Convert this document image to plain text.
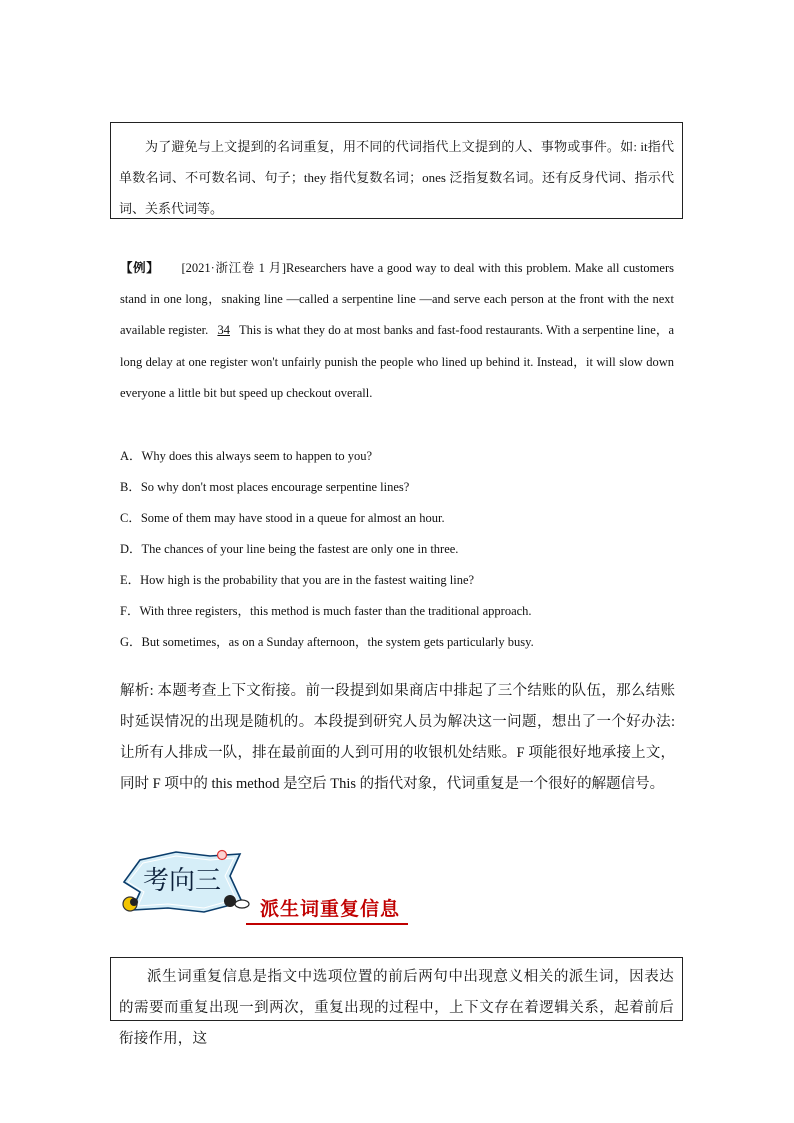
为了避免与上文提到的名词重复，用不同的代词指代上文提到的人、事物或事件。如: it指代单数名词、不可数名词、句子；they 指代复数名词；ones 泛指复数名词。还有反身代词、指示代词、关系代词等。

【例】 [2021·浙江卷 1 月]Researchers have a good way to deal with this problem. Make all customers stand in one long，snaking line —called a serpentine line —and serve each person at the front with the next available register. 34 This is what they do at most banks and fast-food restaurants. With a serpentine line，a long delay at one register won't unfairly punish the people who lined up behind it. Instead，it will slow down everyone a little bit but speed up checkout overall.

A．Why does this always seem to happen to you?

B．So why don't most places encourage serpentine lines?

C．Some of them may have stood in a queue for almost an hour.

D．The chances of your line being the fastest are only one in three.

E．How high is the probability that you are in the fastest waiting line?

F．With three registers，this method is much faster than the traditional approach.

G．But sometimes，as on a Sunday afternoon，the system gets particularly busy.

解析: 本题考查上下文衔接。前一段提到如果商店中排起了三个结账的队伍，那么结账时延误情况的出现是随机的。本段提到研究人员为解决这一问题，想出了一个好办法: 让所有人排成一队，排在最前面的人到可用的收银机处结账。F 项能很好地承接上文，同时 F 项中的 this method 是空后 This 的指代对象，代词重复是一个很好的解题信号。

考向三
派生词重复信息

派生词重复信息是指文中选项位置的前后两句中出现意义相关的派生词，因表达的需要而重复出现一到两次，重复出现的过程中，上下文存在着逻辑关系，起着前后衔接作用，这
